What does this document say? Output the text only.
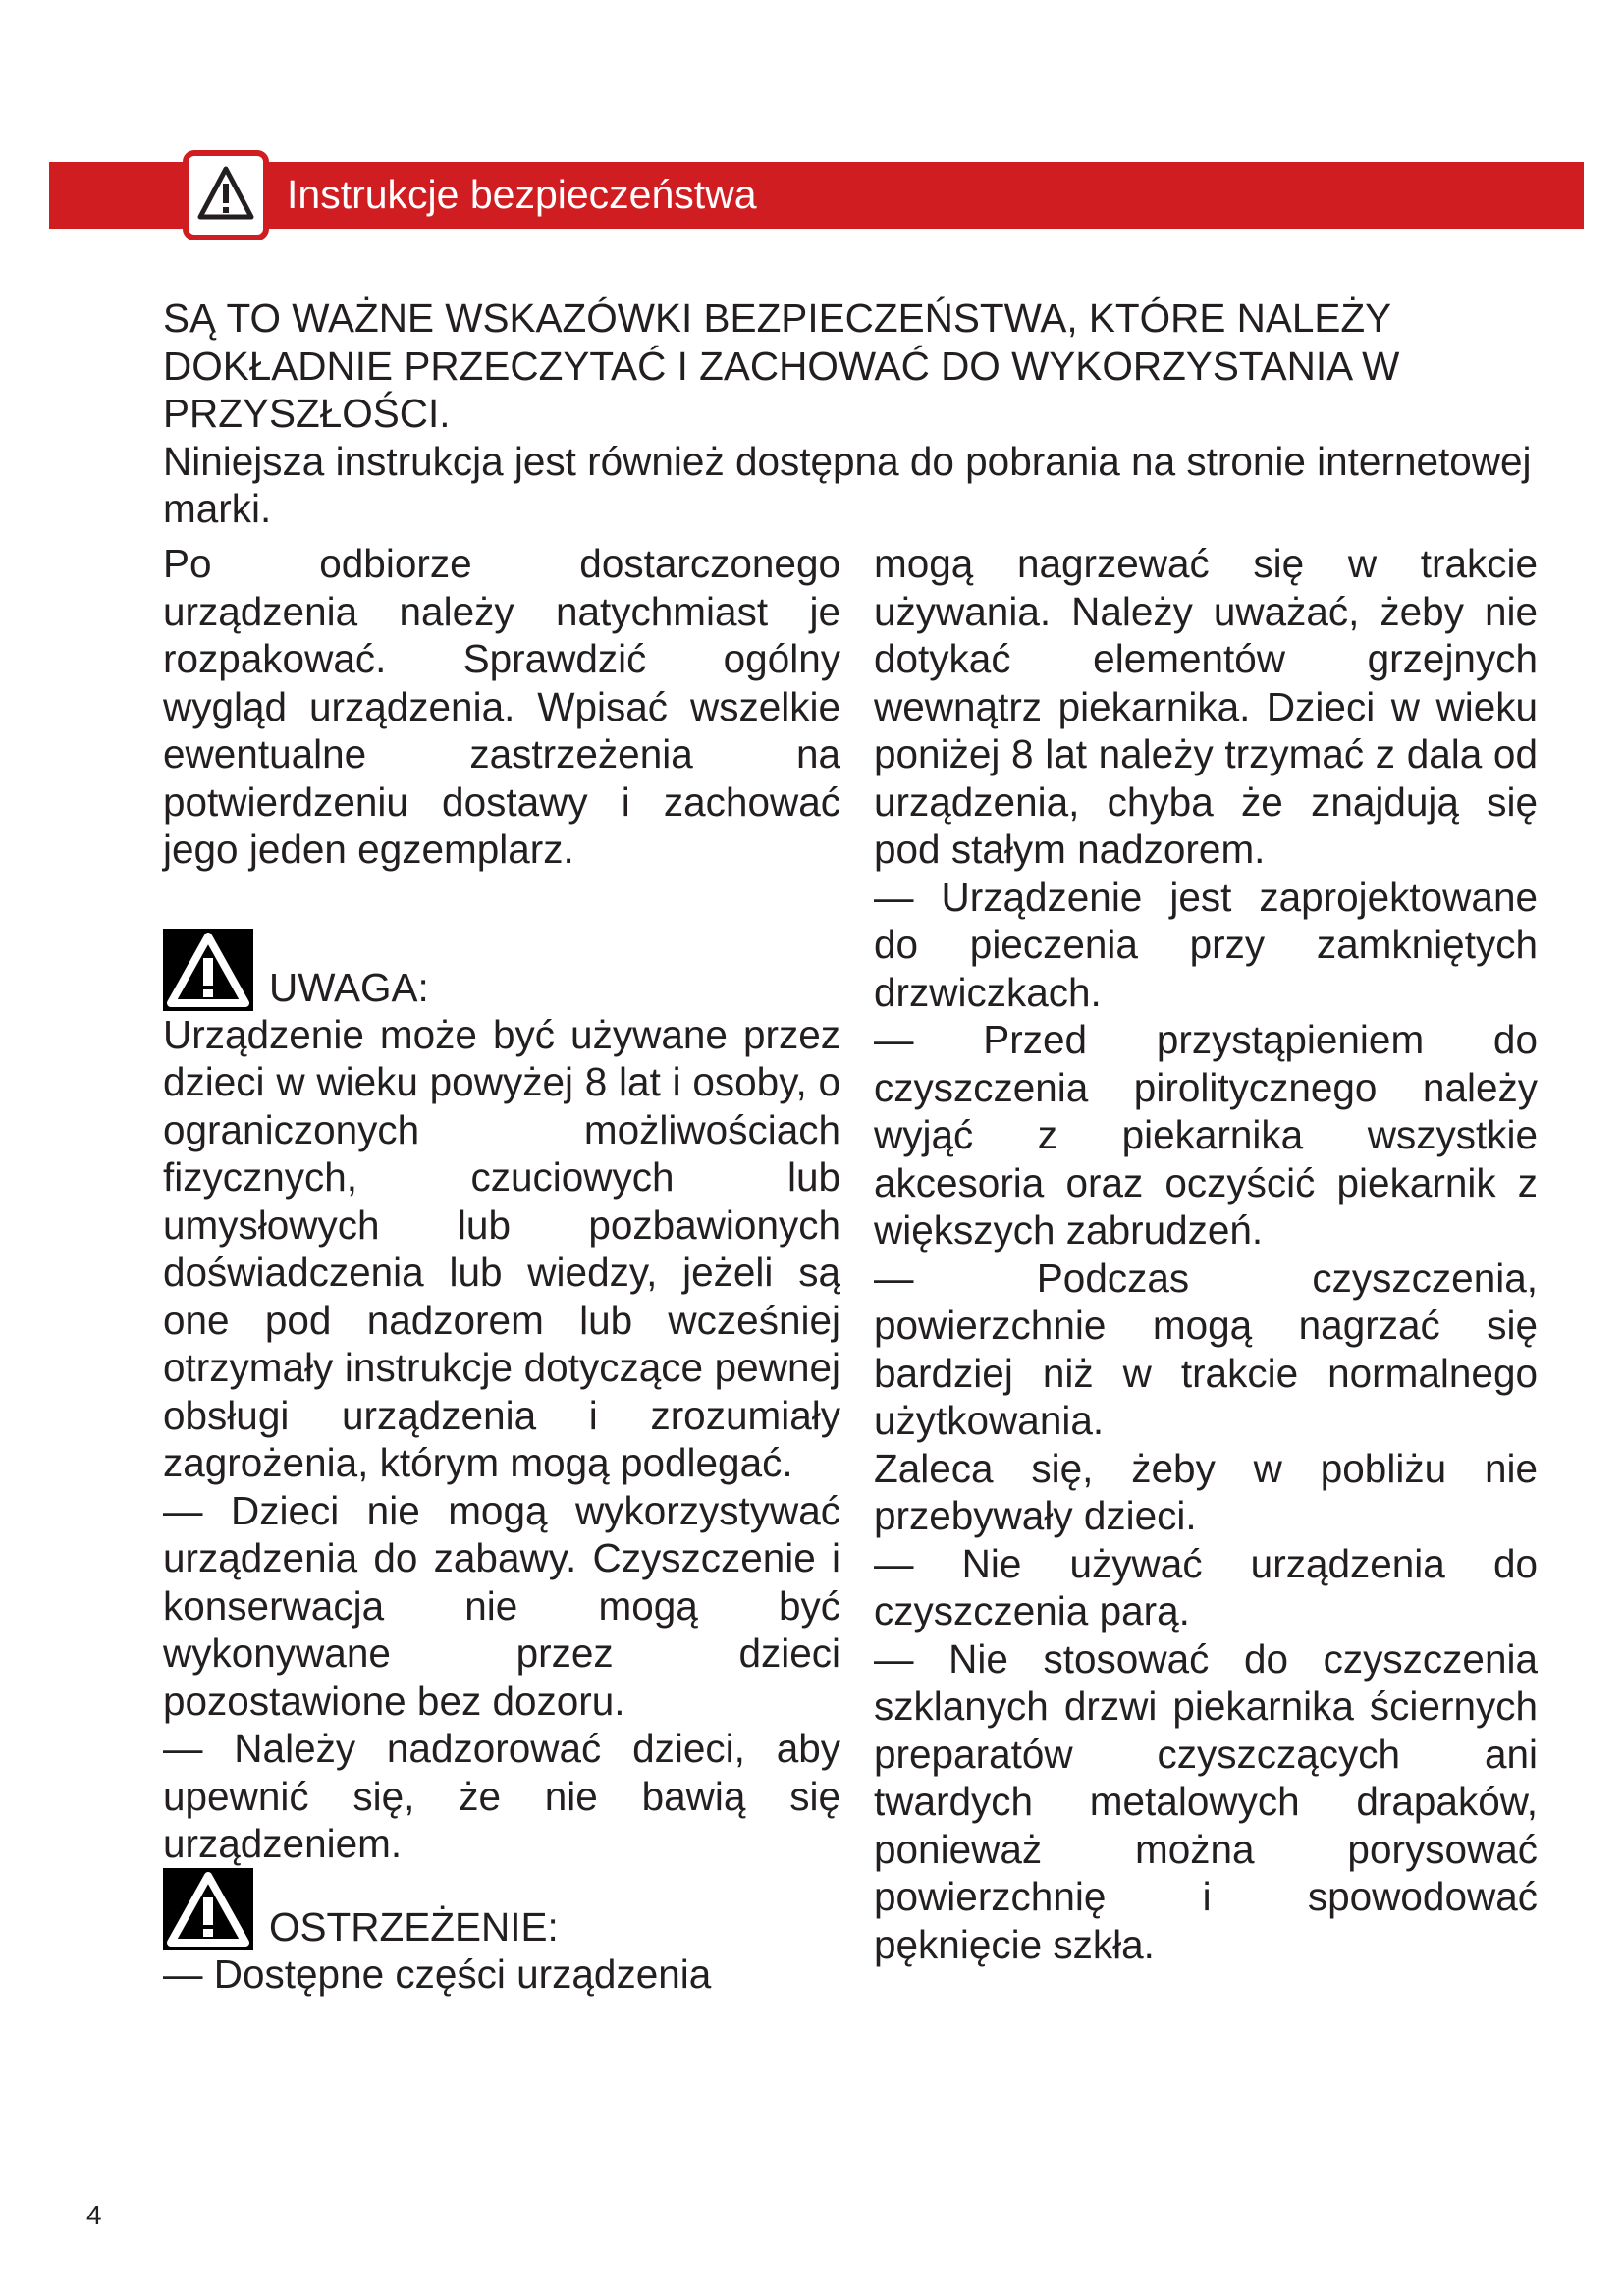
Instrukcje bezpieczeństwa

SĄ TO WAŻNE WSKAZÓWKI BEZPIECZEŃSTWA, KTÓRE NALEŻY DOKŁADNIE PRZECZYTAĆ I ZACHOWAĆ DO WYKORZYSTANIA W PRZYSZŁOŚCI.

Niniejsza instrukcja jest również dostępna do pobrania na stronie internetowej marki.

Po odbiorze dostarczonego urządzenia należy natychmiast je rozpakować. Sprawdzić ogólny wygląd urządzenia. Wpisać wszelkie ewentualne zastrzeżenia na potwierdzeniu dostawy i zachować jego jeden egzemplarz.

UWAGA:

Urządzenie może być używane przez dzieci w wieku powyżej 8 lat i osoby, o ograniczonych możliwościach fizycznych, czuciowych lub umysłowych lub pozbawionych doświadczenia lub wiedzy, jeżeli są one pod nadzorem lub wcześniej otrzymały instrukcje dotyczące pewnej obsługi urządzenia i zrozumiały zagrożenia, którym mogą podlegać.

— Dzieci nie mogą wykorzystywać urządzenia do zabawy. Czyszczenie i konserwacja nie mogą być wykonywane przez dzieci pozostawione bez dozoru.

— Należy nadzorować dzieci, aby upewnić się, że nie bawią się urządzeniem.

OSTRZEŻENIE:

— Dostępne części urządzenia

mogą nagrzewać się w trakcie używania. Należy uważać, żeby nie dotykać elementów grzejnych wewnątrz piekarnika. Dzieci w wieku poniżej 8 lat należy trzymać z dala od urządzenia, chyba że znajdują się pod stałym nadzorem.

— Urządzenie jest zaprojektowane do pieczenia przy zamkniętych drzwiczkach.

— Przed przystąpieniem do czyszczenia pirolitycznego należy wyjąć z piekarnika wszystkie akcesoria oraz oczyścić piekarnik z większych zabrudzeń.

— Podczas czyszczenia, powierzchnie mogą nagrzać się bardziej niż w trakcie normalnego użytkowania.

Zaleca się, żeby w pobliżu nie przebywały dzieci.

— Nie używać urządzenia do czyszczenia parą.

— Nie stosować do czyszczenia szklanych drzwi piekarnika ściernych preparatów czyszczących ani twardych metalowych drapaków, ponieważ można porysować powierzchnię i spowodować pęknięcie szkła.

4
